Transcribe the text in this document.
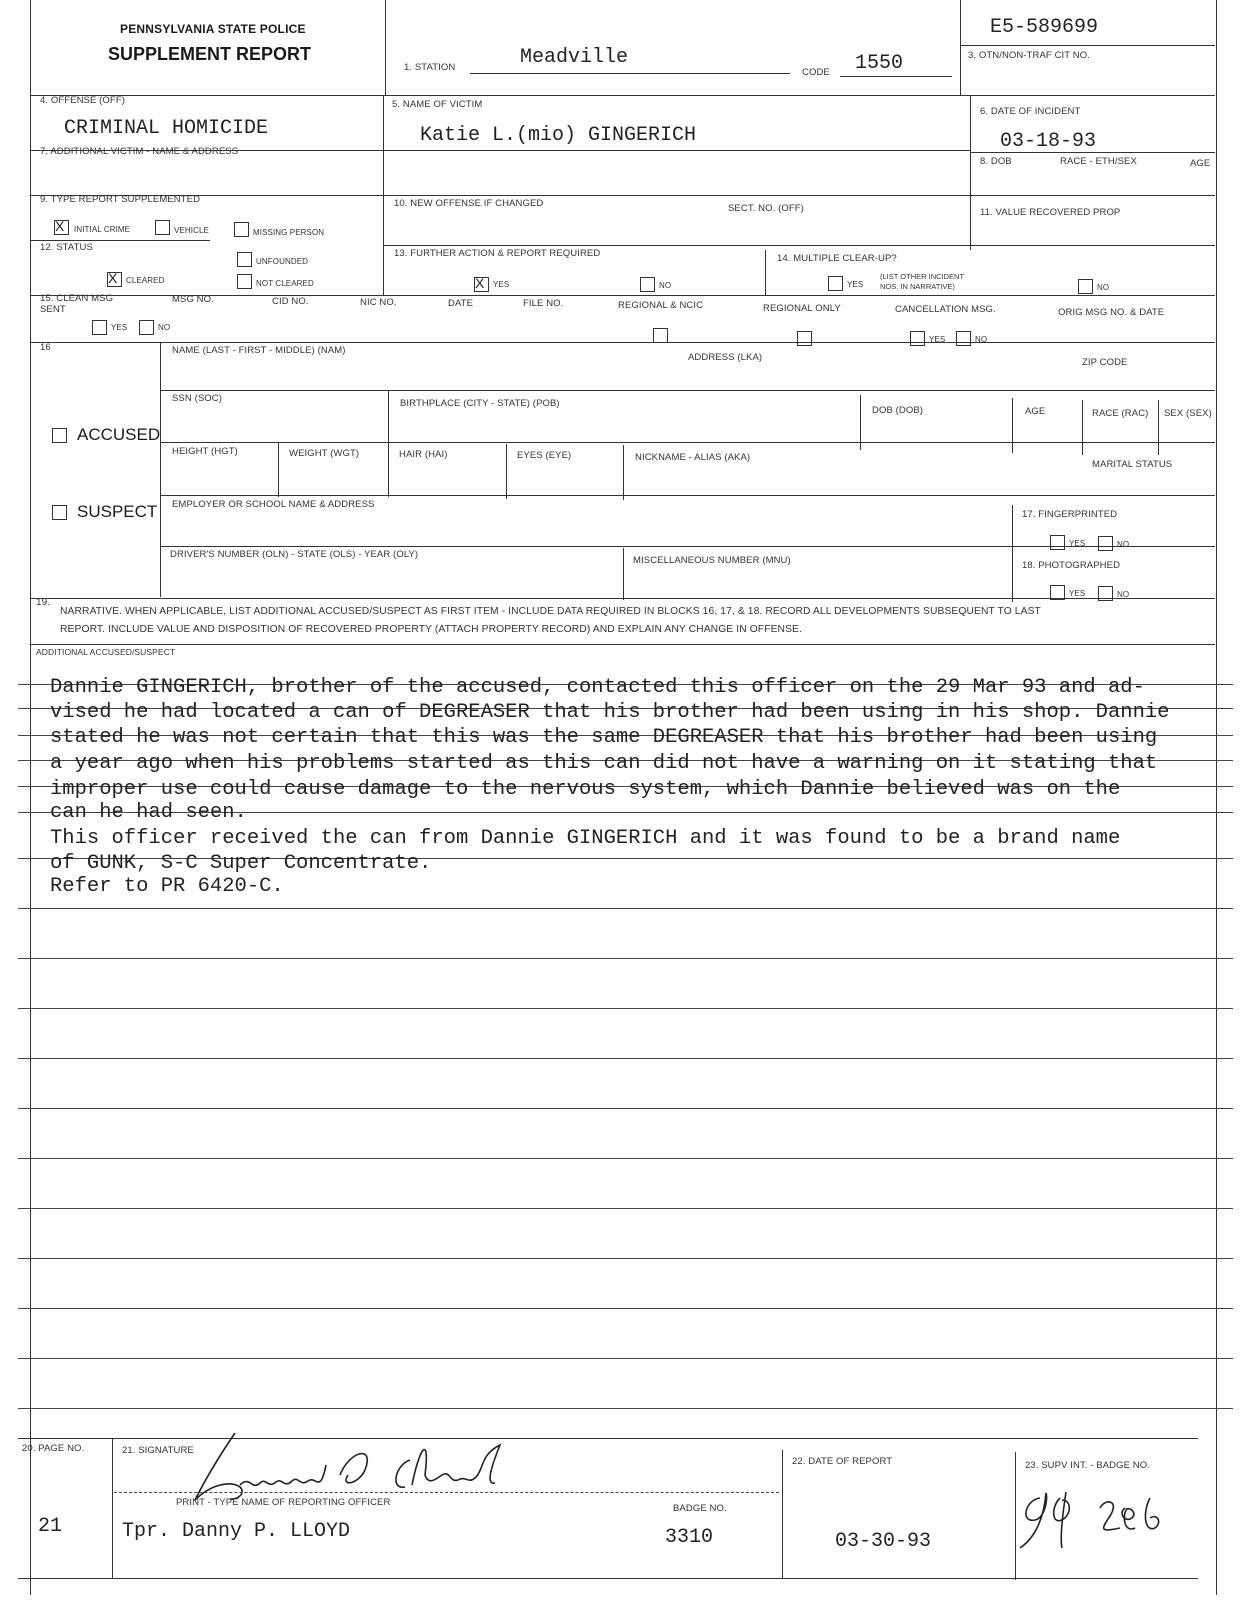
PENNSYLVANIA STATE POLICE
SUPPLEMENT REPORT
1. STATION	Meadville
CODE 1550
E5-589699
3. OTN/NON-TRAF CIT NO.
4. OFFENSE (OFF)
CRIMINAL HOMICIDE
5. NAME OF VICTIM
Katie L.(mio) GINGERICH
6. DATE OF INCIDENT
03-18-93
7. ADDITIONAL VICTIM - NAME & ADDRESS
8. DOB	RACE - ETH/SEX	AGE
9. TYPE REPORT SUPPLEMENTED
X
INITIAL CRIME	VEHICLE	MISSING PERSON
10. NEW OFFENSE IF CHANGED	SECT. NO. (OFF)	11. VALUE RECOVERED PROP
12. STATUS
UNFOUNDED
X
CLEARED	NOT CLEARED
13. FURTHER ACTION & REPORT REQUIRED
X
YES	NO
14. MULTIPLE CLEAR-UP?
YES
(LIST OTHER INCIDENT NOS. IN NARRATIVE)	NO
15. CLEAN MSG SENT
YES	NO
MSG NO.	CID NO.	NIC NO.	DATE	FILE NO.	REGIONAL & NCIC	REGIONAL ONLY	CANCELLATION MSG.
YES	NO
ORIG MSG NO. & DATE
16
ACCUSED
SUSPECT
NAME (LAST - FIRST - MIDDLE) (NAM)
ADDRESS (LKA)	ZIP CODE
SSN (SOC)	BIRTHPLACE (CITY - STATE) (POB)
DOB (DOB)	AGE	RACE (RAC) SEX (SEX)
HEIGHT (HGT)	WEIGHT (WGT)	HAIR (HAI)	EYES (EYE)	NICKNAME - ALIAS (AKA)
MARITAL STATUS
EMPLOYER OR SCHOOL NAME & ADDRESS
17. FINGERPRINTED
YES	NO
DRIVER'S NUMBER (OLN) - STATE (OLS) - YEAR (OLY)
MISCELLANEOUS NUMBER (MNU)	18. PHOTOGRAPHED
YES	NO
19.
NARRATIVE. WHEN APPLICABLE, LIST ADDITIONAL ACCUSED/SUSPECT AS FIRST ITEM - INCLUDE DATA REQUIRED IN BLOCKS 16, 17, & 18. RECORD ALL DEVELOPMENTS SUBSEQUENT TO LAST
REPORT. INCLUDE VALUE AND DISPOSITION OF RECOVERED PROPERTY (ATTACH PROPERTY RECORD) AND EXPLAIN ANY CHANGE IN OFFENSE.
ADDITIONAL ACCUSED/SUSPECT
Dannie GINGERICH, brother of the accused, contacted this officer on the 29 Mar 93 and ad-
vised he had located a can of DEGREASER that his brother had been using in his shop. Dannie
stated he was not certain that this was the same DEGREASER that his brother had been using
a year ago when his problems started as this can did not have a warning on it stating that
improper use could cause damage to the nervous system, which Dannie believed was on the
can he had seen.
This officer received the can from Dannie GINGERICH and it was found to be a brand name
of GUNK, S-C Super Concentrate.
Refer to PR 6420-C.
20. PAGE NO.
21
21. SIGNATURE
PRINT - TYPE NAME OF REPORTING OFFICER
Tpr. Danny P. LLOYD
BADGE NO.
3310
22. DATE OF REPORT
03-30-93
23. SUPV INT. - BADGE NO.
